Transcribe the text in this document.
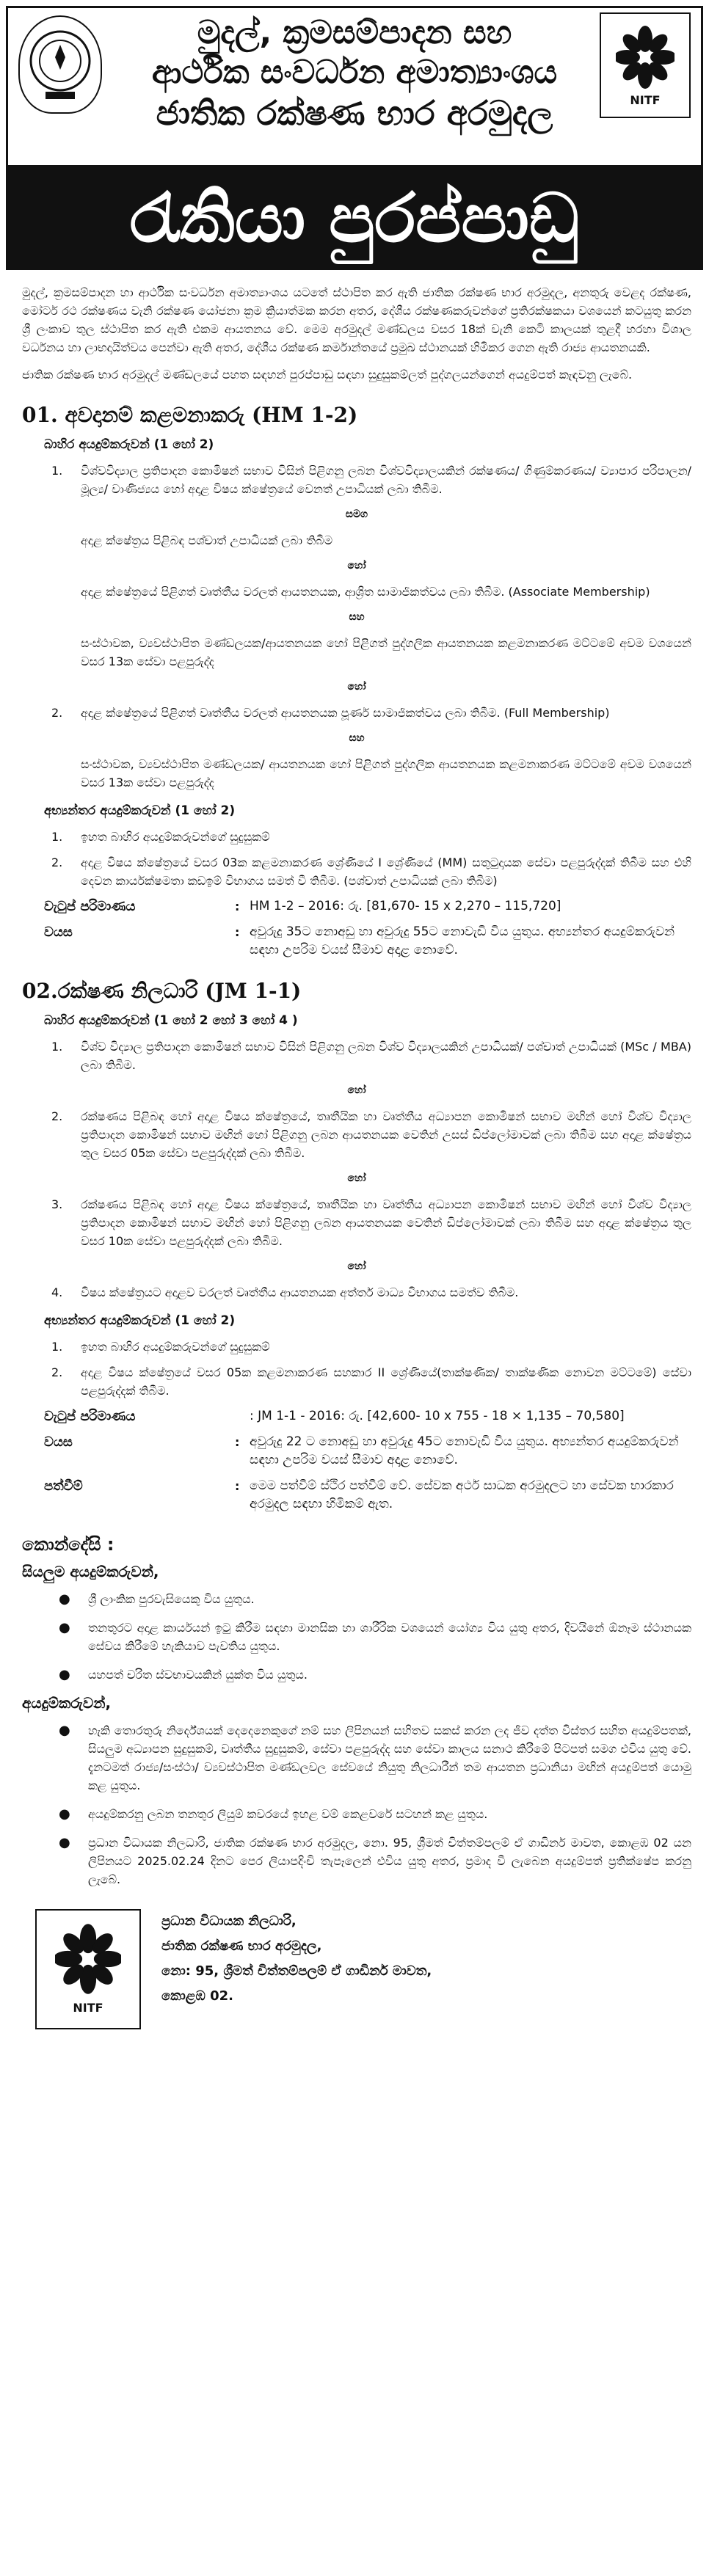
මුදල්, ක්‍රමසම්පාදන සහ
ආර්ථික සංවර්ධන අමාත්‍යාංශය
ජාතික රක්ෂණ භාර අරමුදල	NITF
රැකියා පුරප්පාඩු

මුදල්, ක්‍රමසම්පාදන හා ආර්ථික සංවර්ධන අමාත්‍යාංශය යටතේ ස්ථාපිත කර ඇති ජාතික රක්ෂණ භාර අරමුදල, අනතුරු වෙළද රක්ෂණ, මෝටර් රථ රක්ෂණය වැනි රක්ෂණ යෝජනා ක්‍රම ක්‍රියාත්මක කරන අතර, දේශීය රක්ෂණකරුවන්ගේ ප්‍රතිරක්ෂකයා වශයෙන් කටයුතු කරන ශ්‍රී ලංකාව තුල ස්ථාපිත කර ඇති එකම ආයතනය වේ. මෙම අරමුදල් මණ්ඩලය වසර 18ක් වැනි කෙටි කාලයක් තුළදී හරහා විශාල වර්ධනය හා ලාභදායිත්වය පෙන්වා ඇති අතර, දේශීය රක්ෂණ කර්මාන්තයේ ප්‍රමුඛ ස්ථානයක් හිමිකර ගෙන ඇති රාජ්‍ය ආයතනයකි.

ජාතික රක්ෂණ භාර අරමුදල් මණ්ඩලයේ පහත සඳහන් පුරප්පාඩු සඳහා සුදුසුකම්ලත් පුද්ගලයන්ගෙන් අයදුම්පත් කැඳවනු ලැබේ.

01. අවදානම් කළමනාකරු (HM 1-2)
බාහිර අයදුම්කරුවන් (1 හෝ 2)
1.	විශ්වවිද්‍යාල ප්‍රතිපාදන කොමිෂන් සභාව විසින් පිළිගනු ලබන විශ්වවිද්‍යාලයකින් රක්ෂණය/ ගිණුම්කරණය/ ව්‍යාපාර පරිපාලන/ මූල්‍ය/ වාණිජ්‍යය හෝ අදාළ විෂය ක්ෂේත්‍රයේ වෙනත් උපාධියක් ලබා තිබීම.
සමග
අදාළ ක්ෂේත්‍රය පිළිබඳ පශ්චාත් උපාධියක් ලබා තිබීම
හෝ
අදාළ ක්ෂේත්‍රයේ පිළිගත් වෘත්තීය වරලත් ආයතනයක, ආශ්‍රිත සාමාජිකත්වය ලබා තිබීම. (Associate Membership)
සහ
සංස්ථාවක, ව්‍යවස්ථාපිත මණ්ඩලයක/ආයතනයක හෝ පිළිගත් පුද්ගලික ආයතනයක කළමනාකරණ මට්ටමේ අවම වශයෙන් වසර 13ක සේවා පළපුරුද්ද
හෝ
2.	අදාළ ක්ෂේත්‍රයේ පිළිගත් වෘත්තීය වරලත් ආයතනයක පූර්ණ සාමාජිකත්වය ලබා තිබීම. (Full Membership)
සහ
සංස්ථාවක, ව්‍යවස්ථාපිත මණ්ඩලයක/ ආයතනයක හෝ පිළිගත් පුද්ගලික ආයතනයක කළමනාකරණ මට්ටමේ අවම වශයෙන් වසර 13ක සේවා පළපුරුද්ද
අභ්‍යන්තර අයදුම්කරුවන් (1 හෝ 2)
1.	ඉහත බාහිර අයදුම්කරුවන්ගේ සුදුසුකම්
2.	අදාළ විෂය ක්ෂේත්‍රයේ වසර 03ක කළමනාකරණ ශ්‍රේණියේ I ශ්‍රේණියේ (MM) සතුටුදායක සේවා පළපුරුද්දක් තිබීම සහ එහි දෙවන කාර්යක්ෂමතා කඩඉම් විභාගය සමත් වී තිබීම. (පශ්චාත් උපාධියක් ලබා තිබීම)
වැටුප් පරිමාණය	: HM 1-2 – 2016: රු. [81,670- 15 x 2,270 – 115,720]
වයස	: අවුරුදු 35ට නොඅඩු හා අවුරුදු 55ට නොවැඩි විය යුතුය. අභ්‍යන්තර අයදුම්කරුවන් සඳහා උපරිම වයස් සීමාව අදාළ නොවේ.
02.රක්ෂණ නිලධාරි (JM 1-1)
බාහිර අයදුම්කරුවන් (1 හෝ 2 හෝ 3 හෝ 4 )
1.	විශ්ව විද්‍යාල ප්‍රතිපාදන කොමිෂන් සභාව විසින් පිළිගනු ලබන විශ්ව විද්‍යාලයකින් උපාධියක්/ පශ්චාත් උපාධියක් (MSc / MBA) ලබා තිබීම.
හෝ
2.	රක්ෂණය පිළිබඳ හෝ අදාළ විෂය ක්ෂේත්‍රයේ, තෘතීයික හා වෘත්තීය අධ්‍යාපන කොමිෂන් සභාව මඟින් හෝ විශ්ව විද්‍යාල ප්‍රතිපාදන කොමිෂන් සභාව මඟින් හෝ පිළිගනු ලබන ආයතනයක වෙතින් උසස් ඩිප්ලෝමාවක් ලබා තිබීම සහ අදාළ ක්ෂේත්‍රය තුල වසර 05ක සේවා පළපුරුද්දක් ලබා තිබීම.
හෝ
3.	රක්ෂණය පිළිබඳ හෝ අදාළ විෂය ක්ෂේත්‍රයේ, තෘතීයික හා වෘත්තීය අධ්‍යාපන කොමිෂන් සභාව මඟින් හෝ විශ්ව විද්‍යාල ප්‍රතිපාදන කොමිෂන් සභාව මඟින් හෝ පිළිගනු ලබන ආයතනයක වෙතින් ඩිප්ලෝමාවක් ලබා තිබීම සහ අදාළ ක්ෂේත්‍රය තුල වසර 10ක සේවා පළපුරුද්දක් ලබා තිබීම.
හෝ
4.	විෂය ක්ෂේත්‍රයට අදාළව වරලත් වෘත්තීය ආයතනයක අත්තර් මාධ්‍ය විභාගය සමත්ව තිබීම.
අභ්‍යන්තර අයදුම්කරුවන් (1 හෝ 2)
1.	ඉහත බාහිර අයදුම්කරුවන්ගේ සුදුසුකම්
2.	අදාළ විෂය ක්ෂේත්‍රයේ වසර 05ක කළමනාකරණ සහකාර II ශ්‍රේණියේ(තාක්ෂණික/ තාක්ෂණික නොවන මට්ටමේ) සේවා පළපුරුද්දක් තිබීම.
වැටුප් පරිමාණය	: JM 1-1 - 2016: රු. [42,600- 10 x 755 - 18 × 1,135 – 70,580]
වයස	: අවුරුදු 22 ට නොඅඩු හා අවුරුදු 45ට නොවැඩි විය යුතුය. අභ්‍යන්තර අයදුම්කරුවන් සඳහා උපරිම වයස් සීමාව අදාළ නොවේ.
පත්වීම්	: මෙම පත්වීම් ස්ථිර පත්වීම් වේ. සේවක අර්ථ සාධක අරමුදලට හා සේවක භාරකාර අරමුදල සඳහා හිමිකම් ඇත.
කොන්දේසි :
සියලුම අයදුම්කරුවන්,
●	ශ්‍රී ලාංකික පුරවැසියෙකු විය යුතුය.
●	තනතුරට අදාළ කාර්යයන් ඉටු කිරීම සඳහා මානසික හා ශාරීරික වශයෙන් යෝග්‍ය විය යුතු අතර, දිවයිනේ ඕනෑම ස්ථානයක සේවය කිරීමේ හැකියාව පැවතිය යුතුය.
●	යහපත් චරිත ස්වභාවයකින් යුක්ත විය යුතුය.
අයදුම්කරුවන්,
●	හැකි තොරතුරු නිර්දේශයක් දෙදෙනෙකුගේ නම් සහ ලිපිනයන් සහිතව සකස් කරන ලද ජීව දත්ත විස්තර සහිත අයදුම්පතක්, සියලුම අධ්‍යාපන සුදුසුකම්, වෘත්තීය සුදුසුකම්, සේවා පළපුරුද්ද සහ සේවා කාලය සනාථ කිරීමේ පිටපත් සමග එවිය යුතු වේ. දැනටමත් රාජ්‍ය/සංස්ථා/ ව්‍යවස්ථාපිත මණ්ඩලවල සේවයේ නියුතු නිලධාරීන් තම ආයතන ප්‍රධානියා මඟින් අයදුම්පත් යොමු කළ යුතුය.
●	අයදුම්කරනු ලබන තනතුර ලියුම් කවරයේ ඉහළ වම් කෙළවරේ සටහන් කළ යුතුය.
●	ප්‍රධාන විධායක නිලධාරි, ජාතික රක්ෂණ භාර අරමුදල, නො. 95, ශ්‍රීමත් චිත්තම්පලම් ඒ ගාඩිනර් මාවත, කොළඹ 02 යන ලිපිනයට 2025.02.24 දිනට පෙර ලියාපදිංචි තැපෑලෙන් එවිය යුතු අතර, ප්‍රමාද වී ලැබෙන අයදුම්පත් ප්‍රතික්ෂේප කරනු ලැබේ.
NITF
ප්‍රධාන විධායක නිලධාරි,
ජාතික රක්ෂණ භාර අරමුදල,
නො: 95, ශ්‍රීමත් චිත්තම්පලම් ඒ ගාඩිනර් මාවත,
කොළඹ 02.
